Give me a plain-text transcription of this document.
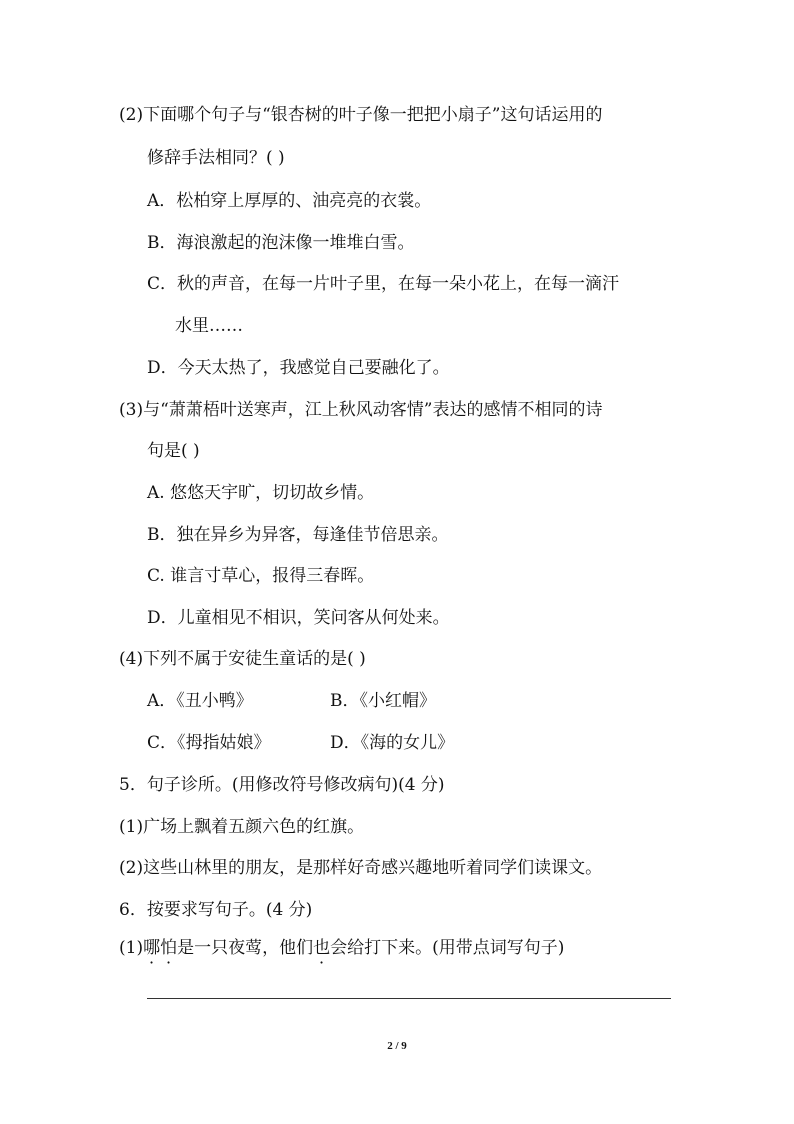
(2)下面哪个句子与“银杏树的叶子像一把把小扇子”这句话运用的
修辞手法相同？( )
A．松柏穿上厚厚的、油亮亮的衣裳。
B．海浪激起的泡沫像一堆堆白雪。
C．秋的声音，在每一片叶子里，在每一朵小花上，在每一滴汗
水里……
D．今天太热了，我感觉自己要融化了。
(3)与“萧萧梧叶送寒声，江上秋风动客情”表达的感情不相同的诗
句是( )
A. 悠悠天宇旷，切切故乡情。
B．独在异乡为异客，每逢佳节倍思亲。
C. 谁言寸草心，报得三春晖。
D．儿童相见不相识，笑问客从何处来。
(4)下列不属于安徒生童话的是( )
A．《丑小鸭》	B．《小红帽》
C．《拇指姑娘》	D．《海的女儿》
5．句子诊所。(用修改符号修改病句)(4 分)
(1)广场上飘着五颜六色的红旗。
(2)这些山林里的朋友，是那样好奇感兴趣地听着同学们读课文。
6．按要求写句子。(4 分)
(1)哪怕是一只夜莺，他们也会给打下来。(用带点词写句子)
2 / 9
